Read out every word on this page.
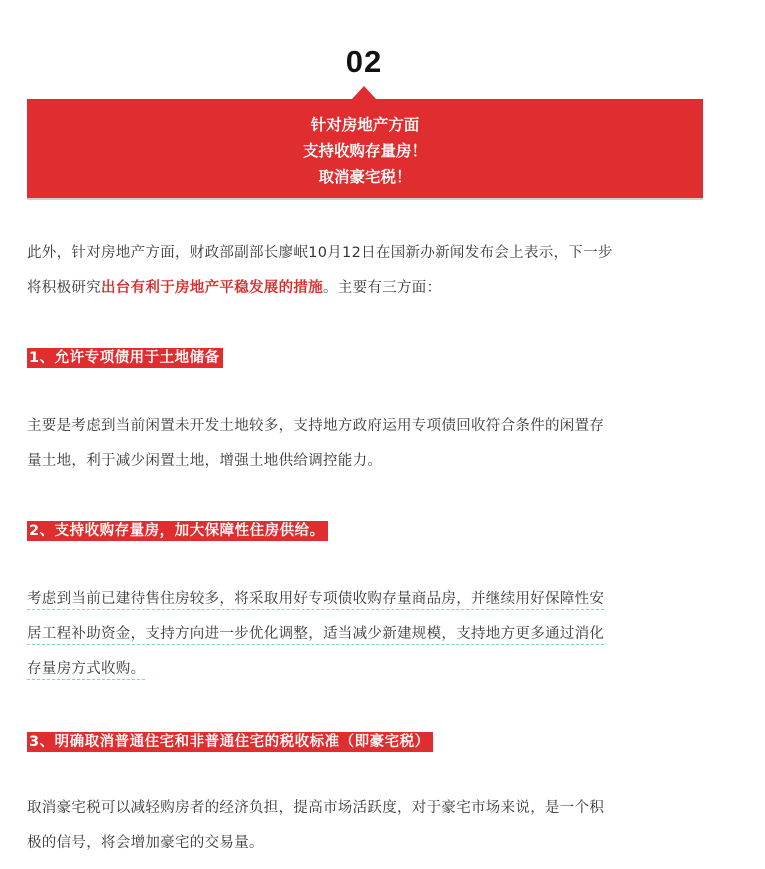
02
针对房地产方面
支持收购存量房！
取消豪宅税！
此外，针对房地产方面，财政部副部长廖岷10月12日在国新办新闻发布会上表示，下一步
将积极研究出台有利于房地产平稳发展的措施。主要有三方面：
1、允许专项债用于土地储备
主要是考虑到当前闲置未开发土地较多，支持地方政府运用专项债回收符合条件的闲置存
量土地，利于减少闲置土地，增强土地供给调控能力。
2、支持收购存量房，加大保障性住房供给。
考虑到当前已建待售住房较多，将采取用好专项债收购存量商品房，并继续用好保障性安
居工程补助资金，支持方向进一步优化调整，适当减少新建规模，支持地方更多通过消化
存量房方式收购。
3、明确取消普通住宅和非普通住宅的税收标准（即豪宅税）
取消豪宅税可以减轻购房者的经济负担，提高市场活跃度，对于豪宅市场来说，是一个积
极的信号，将会增加豪宅的交易量。
